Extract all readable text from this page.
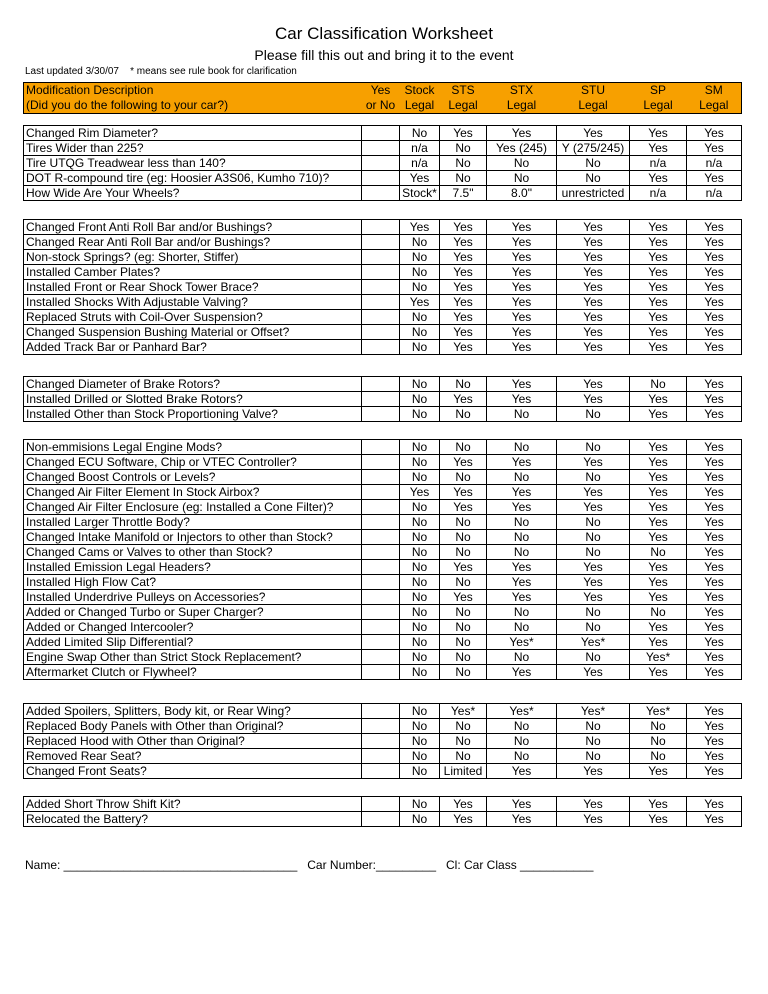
Car Classification Worksheet
Please fill this out and bring it to the event
Last updated 3/30/07    * means see rule book for clarification
Modification Description	Yes	Stock	STS	STX	STU	SP	SM
(Did you do the following to your car?)	or No	Legal	Legal	Legal	Legal	Legal	Legal
Changed Rim Diameter?		No	Yes	Yes	Yes	Yes	Yes
Tires Wider than 225?		n/a	No	Yes (245)	Y (275/245)	Yes	Yes
Tire UTQG Treadwear less than 140?		n/a	No	No	No	n/a	n/a
DOT R-compound tire (eg: Hoosier A3S06, Kumho 710)?		Yes	No	No	No	Yes	Yes
How Wide Are Your Wheels?		Stock*	7.5"	8.0"	unrestricted	n/a	n/a
Changed Front Anti Roll Bar and/or Bushings?		Yes	Yes	Yes	Yes	Yes	Yes
Changed Rear Anti Roll Bar and/or Bushings?		No	Yes	Yes	Yes	Yes	Yes
Non-stock Springs? (eg: Shorter, Stiffer)		No	Yes	Yes	Yes	Yes	Yes
Installed Camber Plates?		No	Yes	Yes	Yes	Yes	Yes
Installed Front or Rear Shock Tower Brace?		No	Yes	Yes	Yes	Yes	Yes
Installed Shocks With Adjustable Valving?		Yes	Yes	Yes	Yes	Yes	Yes
Replaced Struts with Coil-Over Suspension?		No	Yes	Yes	Yes	Yes	Yes
Changed Suspension Bushing Material or Offset?		No	Yes	Yes	Yes	Yes	Yes
Added Track Bar or Panhard Bar?		No	Yes	Yes	Yes	Yes	Yes
Changed Diameter of Brake Rotors?		No	No	Yes	Yes	No	Yes
Installed Drilled or Slotted Brake Rotors?		No	Yes	Yes	Yes	Yes	Yes
Installed Other than Stock Proportioning Valve?		No	No	No	No	Yes	Yes
Non-emmisions Legal Engine Mods?		No	No	No	No	Yes	Yes
Changed ECU Software, Chip or VTEC Controller?		No	Yes	Yes	Yes	Yes	Yes
Changed Boost Controls or Levels?		No	No	No	No	Yes	Yes
Changed Air Filter Element In Stock Airbox?		Yes	Yes	Yes	Yes	Yes	Yes
Changed Air Filter Enclosure (eg: Installed a Cone Filter)?		No	Yes	Yes	Yes	Yes	Yes
Installed Larger Throttle Body?		No	No	No	No	Yes	Yes
Changed Intake Manifold or Injectors to other than Stock?		No	No	No	No	Yes	Yes
Changed Cams or Valves to other than Stock?		No	No	No	No	No	Yes
Installed Emission Legal Headers?		No	Yes	Yes	Yes	Yes	Yes
Installed High Flow Cat?		No	No	Yes	Yes	Yes	Yes
Installed Underdrive Pulleys on Accessories?		No	Yes	Yes	Yes	Yes	Yes
Added or Changed Turbo or Super Charger?		No	No	No	No	No	Yes
Added or Changed Intercooler?		No	No	No	No	Yes	Yes
Added Limited Slip Differential?		No	No	Yes*	Yes*	Yes	Yes
Engine Swap Other than Strict Stock Replacement?		No	No	No	No	Yes*	Yes
Aftermarket Clutch or Flywheel?		No	No	Yes	Yes	Yes	Yes
Added Spoilers, Splitters, Body kit, or Rear Wing?		No	Yes*	Yes*	Yes*	Yes*	Yes
Replaced Body Panels with Other than Original?		No	No	No	No	No	Yes
Replaced Hood with Other than Original?		No	No	No	No	No	Yes
Removed Rear Seat?		No	No	No	No	No	Yes
Changed Front Seats?		No	Limited	Yes	Yes	Yes	Yes
Added Short Throw Shift Kit?		No	Yes	Yes	Yes	Yes	Yes
Relocated the Battery?		No	Yes	Yes	Yes	Yes	Yes
Name: ___________________________________   Car Number:_________   Cl: Car Class ___________
